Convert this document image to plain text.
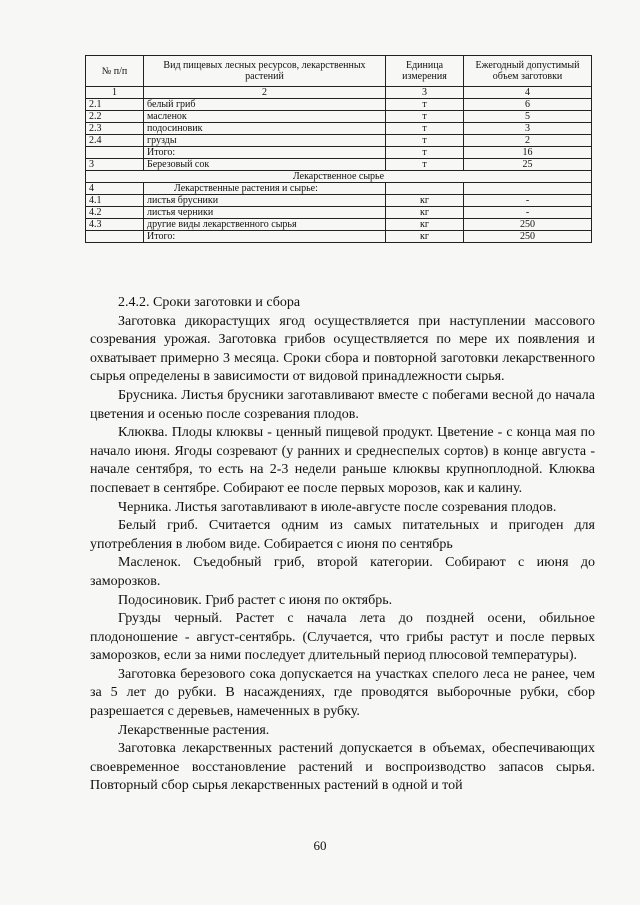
№ п/п	Вид пищевых лесных ресурсов, лекарственных растений	Единица измерения	Ежегодный допустимый объем заготовки
1	2	3	4
2.1	белый гриб	т	6
2.2	масленок	т	5
2.3	подосиновик	т	3
2.4	грузды	т	2
	Итого:	т	16
3	Березовый сок	т	25
Лекарственное сырье			
4	Лекарственные растения и сырье:		
4.1	листья брусники	кг	-
4.2	листья черники	кг	-
4.3	другие виды лекарственного сырья	кг	250
	Итого:	кг	250

2.4.2. Сроки заготовки и сбора

Заготовка дикорастущих ягод осуществляется при наступлении массового созревания урожая. Заготовка грибов осуществляется по мере их появления и охватывает примерно 3 месяца. Сроки сбора и повторной заготовки лекарственного сырья определены в зависимости от видовой принадлежности сырья.

Брусника. Листья брусники заготавливают вместе с побегами весной до начала цветения и осенью после созревания плодов.

Клюква. Плоды клюквы - ценный пищевой продукт. Цветение - с конца мая по начало июня. Ягоды созревают (у ранних и среднеспелых сортов) в конце августа - начале сентября, то есть на 2-3 недели раньше клюквы крупноплодной. Клюква поспевает в сентябре. Собирают ее после первых морозов, как и калину.

Черника. Листья заготавливают в июле-августе после созревания плодов.

Белый гриб. Считается одним из самых питательных и пригоден для употребления в любом виде. Собирается с июня по сентябрь

Масленок. Съедобный гриб, второй категории. Собирают с июня до заморозков.

Подосиновик. Гриб растет с июня по октябрь.

Грузды черный. Растет с начала лета до поздней осени, обильное плодоношение - август-сентябрь. (Случается, что грибы растут и после первых заморозков, если за ними последует длительный период плюсовой температуры).

Заготовка березового сока допускается на участках спелого леса не ранее, чем за 5 лет до рубки. В насаждениях, где проводятся выборочные рубки, сбор разрешается с деревьев, намеченных в рубку.

Лекарственные растения.

Заготовка лекарственных растений допускается в объемах, обеспечивающих своевременное восстановление растений и воспроизводство запасов сырья. Повторный сбор сырья лекарственных растений в одной и той

60
